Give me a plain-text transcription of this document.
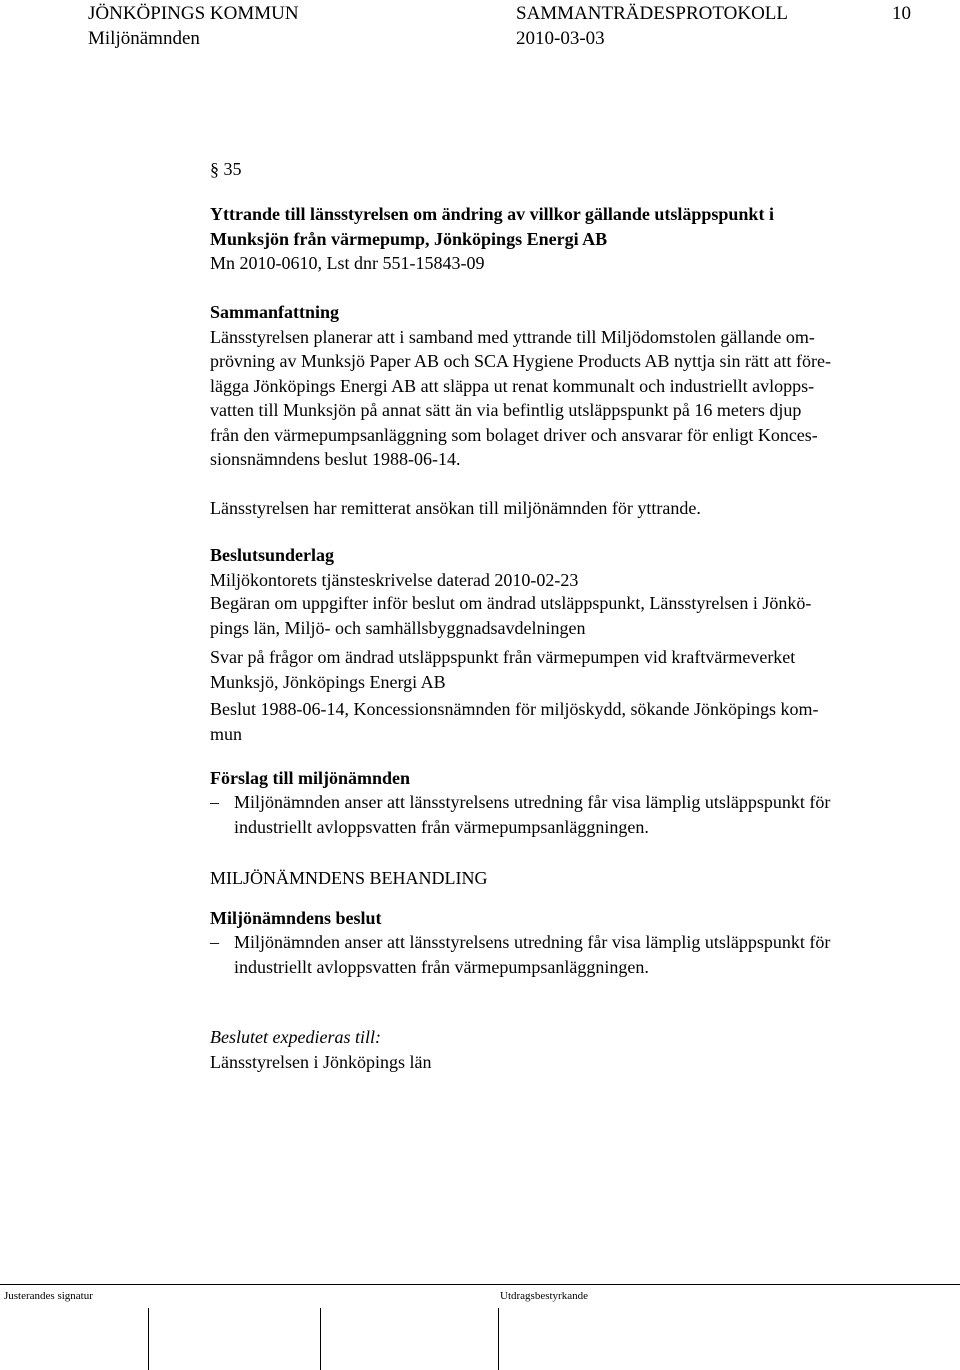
JÖNKÖPINGS KOMMUN	SAMMANTRÄDESPROTOKOLL	10
Miljönämnden	2010-03-03
§ 35
Yttrande till länsstyrelsen om ändring av villkor gällande utsläppspunkt i
Munksjön från värmepump, Jönköpings Energi AB
Mn 2010-0610, Lst dnr 551-15843-09
Sammanfattning
Länsstyrelsen planerar att i samband med yttrande till Miljödomstolen gällande om-
prövning av Munksjö Paper AB och SCA Hygiene Products AB nyttja sin rätt att före-
lägga Jönköpings Energi AB att släppa ut renat kommunalt och industriellt avlopps-
vatten till Munksjön på annat sätt än via befintlig utsläppspunkt på 16 meters djup
från den värmepumpsanläggning som bolaget driver och ansvarar för enligt Konces-
sionsnämndens beslut 1988-06-14.
Länsstyrelsen har remitterat ansökan till miljönämnden för yttrande.
Beslutsunderlag
Miljökontorets tjänsteskrivelse daterad 2010-02-23
Begäran om uppgifter inför beslut om ändrad utsläppspunkt, Länsstyrelsen i Jönkö-
pings län, Miljö- och samhällsbyggnadsavdelningen
Svar på frågor om ändrad utsläppspunkt från värmepumpen vid kraftvärmeverket
Munksjö, Jönköpings Energi AB
Beslut 1988-06-14, Koncessionsnämnden för miljöskydd, sökande Jönköpings kom-
mun
Förslag till miljönämnden
– Miljönämnden anser att länsstyrelsens utredning får visa lämplig utsläppspunkt för
industriellt avloppsvatten från värmepumpsanläggningen.
MILJÖNÄMNDENS BEHANDLING
Miljönämndens beslut
– Miljönämnden anser att länsstyrelsens utredning får visa lämplig utsläppspunkt för
industriellt avloppsvatten från värmepumpsanläggningen.
Beslutet expedieras till:
Länsstyrelsen i Jönköpings län
Justerandes signatur	Utdragsbestyrkande
